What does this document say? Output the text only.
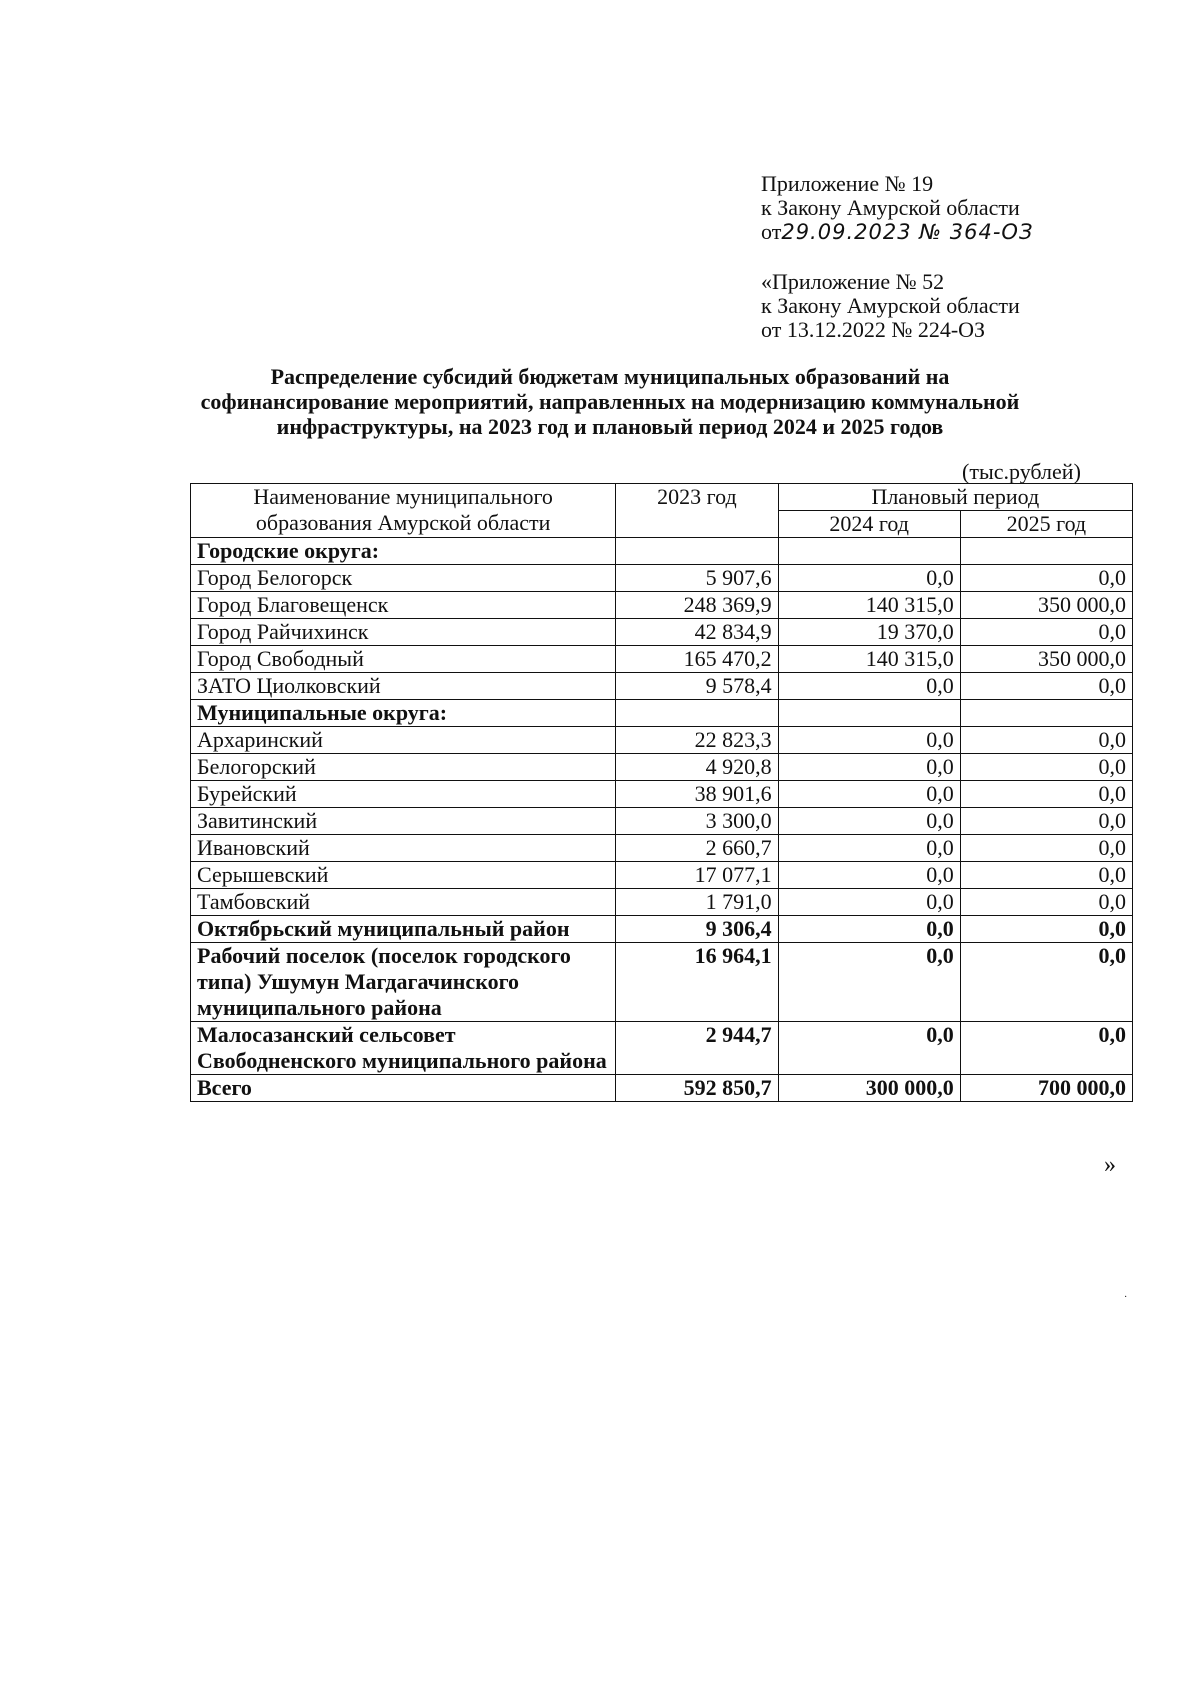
Приложение № 19
к Закону Амурской области
от29.09.2023 № 364-ОЗ
«Приложение № 52
к Закону Амурской области
от 13.12.2022 № 224-ОЗ
Распределение субсидий бюджетам муниципальных образований на
софинансирование мероприятий, направленных на модернизацию коммунальной
инфраструктуры, на 2023 год и плановый период 2024 и 2025 годов
(тыс.рублей)
Наименование муниципального
образования Амурской области	2023 год	Плановый период	
		2024 год	2025 год
Городские округа:			
Город Белогорск	5 907,6	0,0	0,0
Город Благовещенск	248 369,9	140 315,0	350 000,0
Город Райчихинск	42 834,9	19 370,0	0,0
Город Свободный	165 470,2	140 315,0	350 000,0
ЗАТО Циолковский	9 578,4	0,0	0,0
Муниципальные округа:			
Архаринский	22 823,3	0,0	0,0
Белогорский	4 920,8	0,0	0,0
Бурейский	38 901,6	0,0	0,0
Завитинский	3 300,0	0,0	0,0
Ивановский	2 660,7	0,0	0,0
Серышевский	17 077,1	0,0	0,0
Тамбовский	1 791,0	0,0	0,0
Октябрьский муниципальный район	9 306,4	0,0	0,0
Рабочий поселок (поселок городского типа) Ушумун Магдагачинского муниципального района	16 964,1	0,0	0,0
Малосазанский сельсовет Свободненского муниципального района	2 944,7	0,0	0,0
Всего	592 850,7	300 000,0	700 000,0
»
·
